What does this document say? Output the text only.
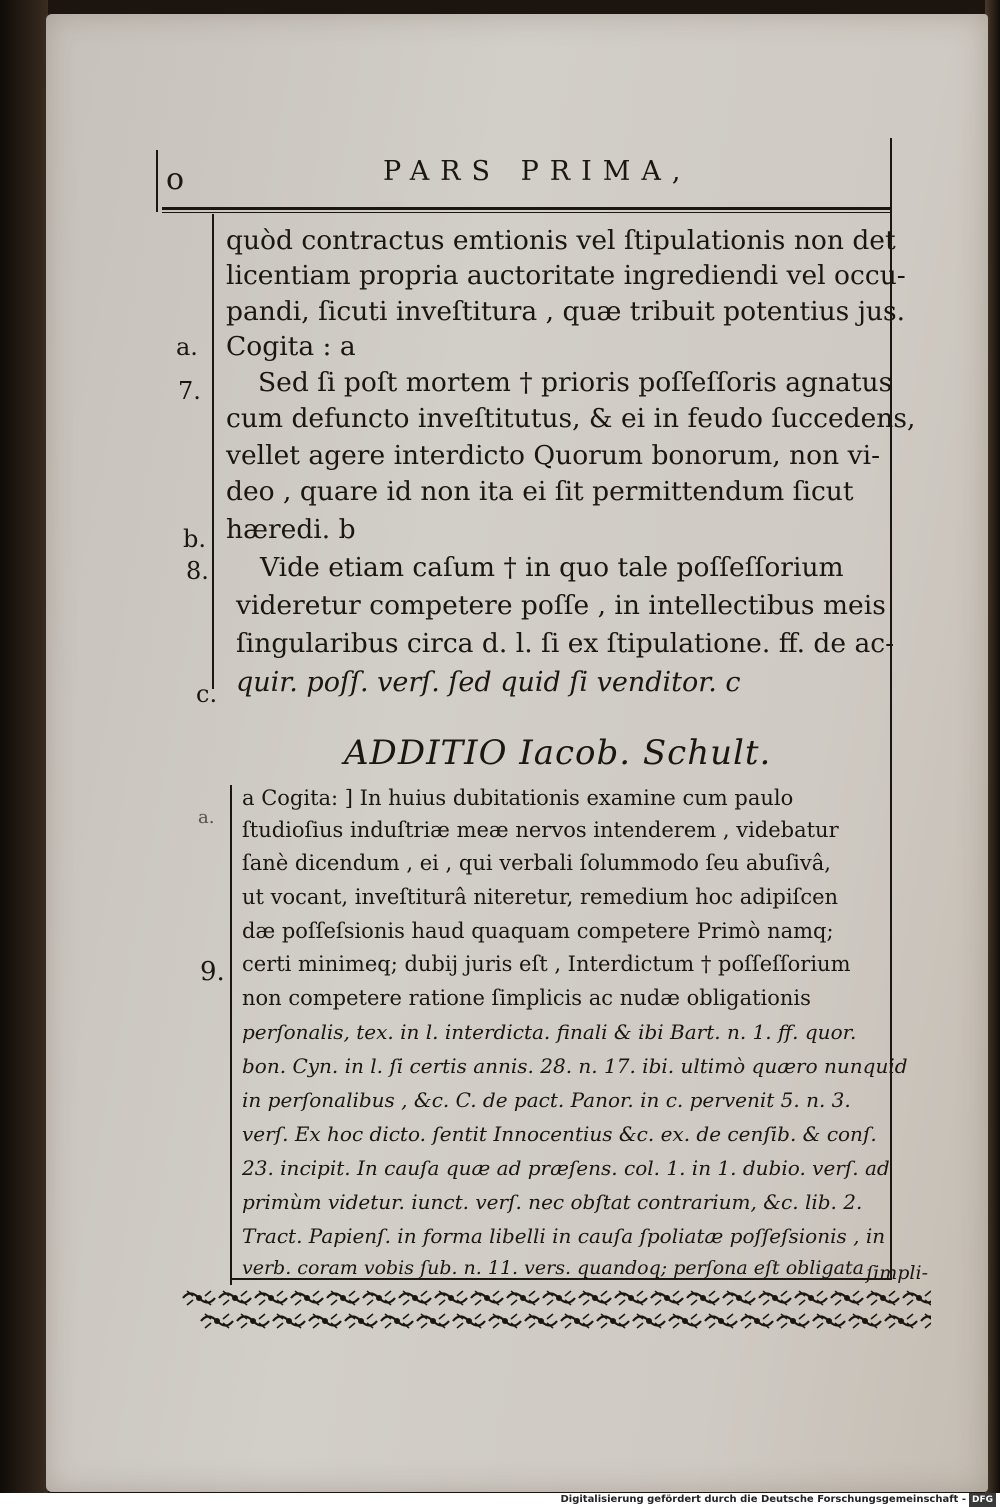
o	PARS PRIMA,
a.
7.
b.
8.
c.
a.
9.
quòd contractus emtionis vel ſtipulationis non det
licentiam propria auctoritate ingrediendi vel occu-
pandi, ſicuti inveſtitura , quæ tribuit potentius jus.
Cogita : a
Sed ſi poſt mortem † prioris poſſeſſoris agnatus
cum defuncto inveſtitutus, & ei in feudo ſuccedens,
vellet agere interdicto Quorum bonorum, non vi-
deo , quare id non ita ei ſit permittendum ſicut
hæredi. b
Vide etiam caſum † in quo tale poſſeſſorium
videretur competere poſſe , in intellectibus meis
ſingularibus circa d. l. ſi ex ſtipulatione. ff. de ac-
quir. poſſ. verſ. ſed quid ſi venditor. c
ADDITIO Iacob. Schult.
a Cogita: ] In huius dubitationis examine cum paulo
ſtudioſius induſtriæ meæ nervos intenderem , videbatur
ſanè dicendum , ei , qui verbali ſolummodo ſeu abuſivâ,
ut vocant, inveſtiturâ niteretur, remedium hoc adipiſcen
dæ poſſeſsionis haud quaquam competere Primò namq;
certi minimeq; dubij juris eſt , Interdictum † poſſeſſorium
non competere ratione ſimplicis ac nudæ obligationis
perſonalis, tex. in l. interdicta. finali & ibi Bart. n. 1. ff. quor.
bon. Cyn. in l. ſi certis annis. 28. n. 17. ibi. ultimò quæro nunquid
in perſonalibus , &c. C. de pact. Panor. in c. pervenit 5. n. 3.
verſ. Ex hoc dicto. ſentit Innocentius &c. ex. de cenſib. & conſ.
23. incipit. In cauſa quæ ad præſens. col. 1. in 1. dubio. verſ. ad
primùm videtur. iunct. verſ. nec obſtat contrarium, &c. lib. 2.
Tract. Papienſ. in forma libelli in cauſa ſpoliatæ poſſeſsionis , in
verb. coram vobis ſub. n. 11. vers. quandoq; perſona eſt obligata ſimpli-
Digitalisierung gefördert durch die Deutsche Forschungsgemeinschaft - DFG
